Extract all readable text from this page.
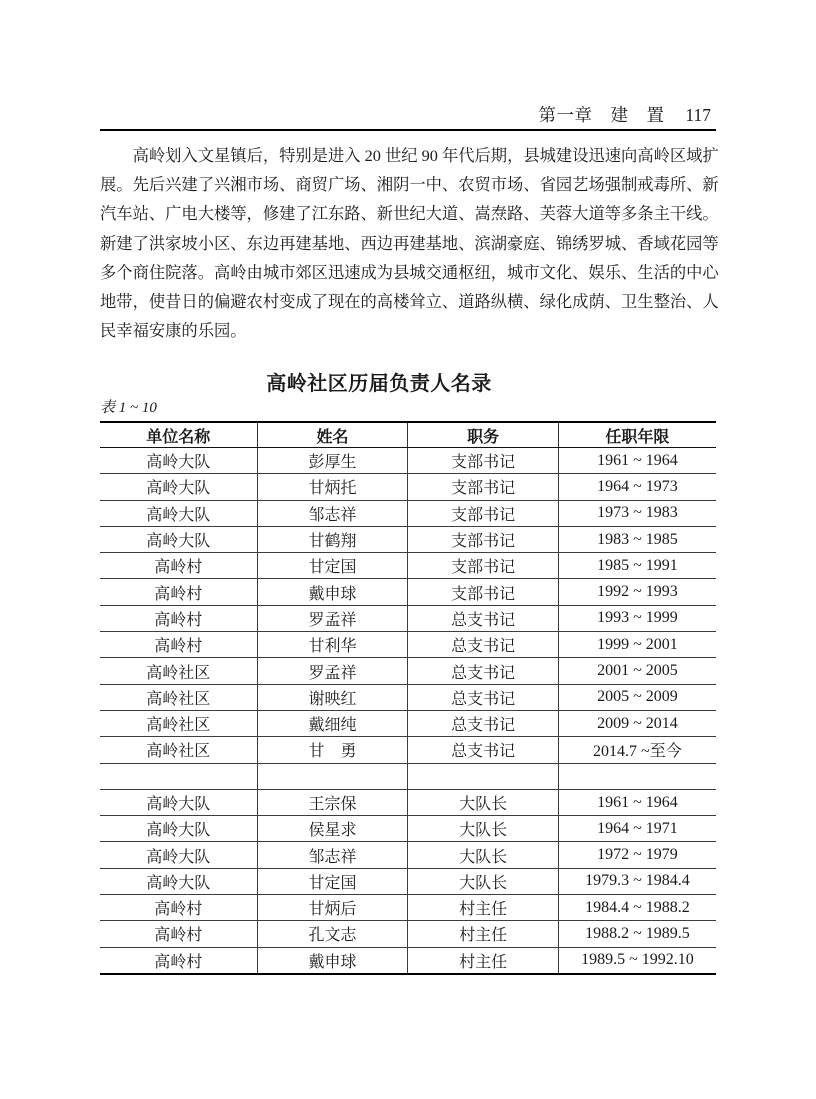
第一章　建　置 117
高岭划入文星镇后，特别是进入 20 世纪 90 年代后期，县城建设迅速向高岭区域扩
展。先后兴建了兴湘市场、商贸广场、湘阴一中、农贸市场、省园艺场强制戒毒所、新
汽车站、广电大楼等，修建了江东路、新世纪大道、嵩焘路、芙蓉大道等多条主干线。
新建了洪家坡小区、东边再建基地、西边再建基地、滨湖豪庭、锦绣罗城、香域花园等
多个商住院落。高岭由城市郊区迅速成为县城交通枢纽，城市文化、娱乐、生活的中心
地带，使昔日的偏避农村变成了现在的高楼耸立、道路纵横、绿化成荫、卫生整治、人
民幸福安康的乐园。
高岭社区历届负责人名录
表 1 ~ 10
单位名称	姓名	职务	任职年限
高岭大队	彭厚生	支部书记	1961 ~ 1964
高岭大队	甘炳托	支部书记	1964 ~ 1973
高岭大队	邹志祥	支部书记	1973 ~ 1983
高岭大队	甘鹤翔	支部书记	1983 ~ 1985
高岭村	甘定国	支部书记	1985 ~ 1991
高岭村	戴申球	支部书记	1992 ~ 1993
高岭村	罗孟祥	总支书记	1993 ~ 1999
高岭村	甘利华	总支书记	1999 ~ 2001
高岭社区	罗孟祥	总支书记	2001 ~ 2005
高岭社区	谢映红	总支书记	2005 ~ 2009
高岭社区	戴细纯	总支书记	2009 ~ 2014
高岭社区	甘　勇	总支书记	2014.7 ~至今

高岭大队	王宗保	大队长	1961 ~ 1964
高岭大队	侯星求	大队长	1964 ~ 1971
高岭大队	邹志祥	大队长	1972 ~ 1979
高岭大队	甘定国	大队长	1979.3 ~ 1984.4
高岭村	甘炳后	村主任	1984.4 ~ 1988.2
高岭村	孔文志	村主任	1988.2 ~ 1989.5
高岭村	戴申球	村主任	1989.5 ~ 1992.10
